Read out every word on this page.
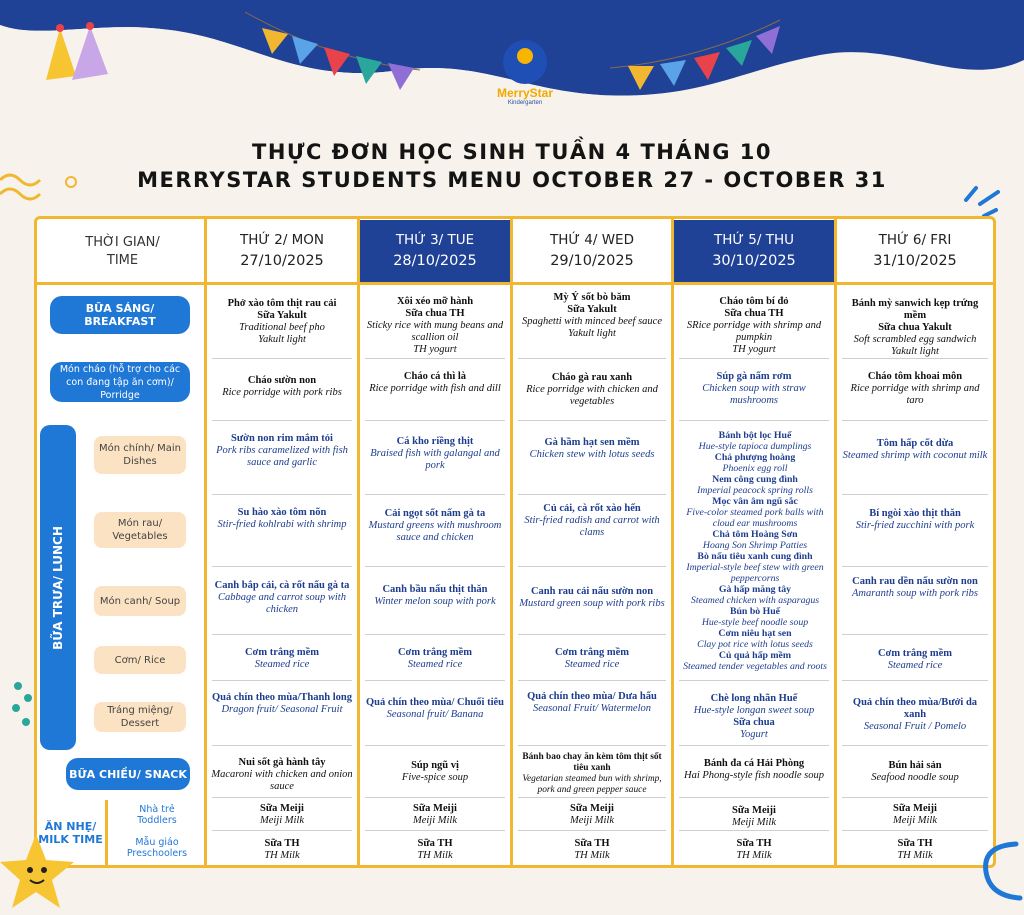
MerryStar
Kindergarten
THỰC ĐƠN HỌC SINH TUẦN 4 THÁNG 10
MERRYSTAR STUDENTS MENU OCTOBER 27 - OCTOBER 31
THỨ 2/ MON
27/10/2025
THỨ 3/ TUE
28/10/2025
THỨ 4/ WED
29/10/2025
THỨ 5/ THU
30/10/2025
THỨ 6/ FRI
31/10/2025
THỜI GIAN/
TIME
BỮA SÁNG/ BREAKFAST
Món cháo (hỗ trợ cho các con đang tập ăn cơm)/ Porridge
BỮA TRƯA/ LUNCH
Món chính/ Main Dishes
Món rau/ Vegetables
Món canh/ Soup
Cơm/ Rice
Tráng miệng/ Dessert
BỮA CHIỀU/ SNACK
ĂN NHẸ/ MILK TIME
Nhà trẻ
Toddlers
Mẫu giáo
Preschoolers
Phở xào tôm thịt rau cải
Sữa Yakult
Traditional beef pho
Yakult light
Cháo sườn non
Rice porridge with pork ribs
Sườn non rim mắm tỏi
Pork ribs caramelized with fish sauce and garlic
Su hào xào tôm nõn
Stir-fried kohlrabi with shrimp
Canh bắp cải, cà rốt nấu gà ta
Cabbage and carrot soup with chicken
Cơm trắng mềm
Steamed rice
Quả chín theo mùa/Thanh long
Dragon fruit/ Seasonal Fruit
Nui sốt gà hành tây
Macaroni with chicken and onion sauce
Sữa Meiji
Meiji Milk
Sữa TH
TH Milk
Xôi xéo mỡ hành
Sữa chua TH
Sticky rice with mung beans and scallion oil
TH yogurt
Cháo cá thì là
Rice porridge with fish and dill
Cá kho riềng thịt
Braised fish with galangal and pork
Cải ngọt sốt nấm gà ta
Mustard greens with mushroom sauce and chicken
Canh bầu nấu thịt thăn
Winter melon soup with pork
Cơm trắng mềm
Steamed rice
Quả chín theo mùa/ Chuối tiêu
Seasonal fruit/ Banana
Súp ngũ vị
Five-spice soup
Sữa Meiji
Meiji Milk
Sữa TH
TH Milk
Mỳ Ý sốt bò băm
Sữa Yakult
Spaghetti with minced beef sauce
Yakult light
Cháo gà rau xanh
Rice porridge with chicken and vegetables
Gà hầm hạt sen mềm
Chicken stew with lotus seeds
Củ cải, cà rốt xào hến
Stir-fried radish and carrot with clams
Canh rau cải nấu sườn non
Mustard green soup with pork ribs
Cơm trắng mềm
Steamed rice
Quả chín theo mùa/ Dưa hấu
Seasonal Fruit/ Watermelon
Bánh bao chay ăn kèm tôm thịt sốt tiêu xanh
Vegetarian steamed bun with shrimp, pork and green pepper sauce
Sữa Meiji
Meiji Milk
Sữa TH
TH Milk
Cháo tôm bí đỏ
Sữa chua TH
SRice porridge with shrimp and pumpkin
TH yogurt
Súp gà nấm rơm
Chicken soup with straw mushrooms
Bánh bột lọc Huế
Hue-style tapioca dumplings
Chả phượng hoàng
Phoenix egg roll
Nem công cung đình
Imperial peacock spring rolls
Mọc vân âm ngũ sắc
Five-color steamed pork balls with cloud ear mushrooms
Chả tôm Hoàng Sơn
Hoang Son Shrimp Patties
Bò nấu tiêu xanh cung đình
Imperial-style beef stew with green peppercorns
Gà hấp măng tây
Steamed chicken with asparagus
Bún bò Huế
Hue-style beef noodle soup
Cơm niêu hạt sen
Clay pot rice with lotus seeds
Củ quả hấp mềm
Steamed tender vegetables and roots
Chè long nhãn Huế
Hue-style longan sweet soup
Sữa chua
Yogurt
Bánh đa cá Hải Phòng
Hai Phong-style fish noodle soup
Sữa Meiji
Meiji Milk
Sữa TH
TH Milk
Bánh mỳ sanwich kẹp trứng mềm
Sữa chua Yakult
Soft scrambled egg sandwich
Yakult light
Cháo tôm khoai môn
Rice porridge with shrimp and taro
Tôm hấp cốt dừa
Steamed shrimp with coconut milk
Bí ngòi xào thịt thăn
Stir-fried zucchini with pork
Canh rau dền nấu sườn non
Amaranth soup with pork ribs
Cơm trắng mềm
Steamed rice
Quả chín theo mùa/Bưởi da xanh
Seasonal Fruit / Pomelo
Bún hải sản
Seafood noodle soup
Sữa Meiji
Meiji Milk
Sữa TH
TH Milk
